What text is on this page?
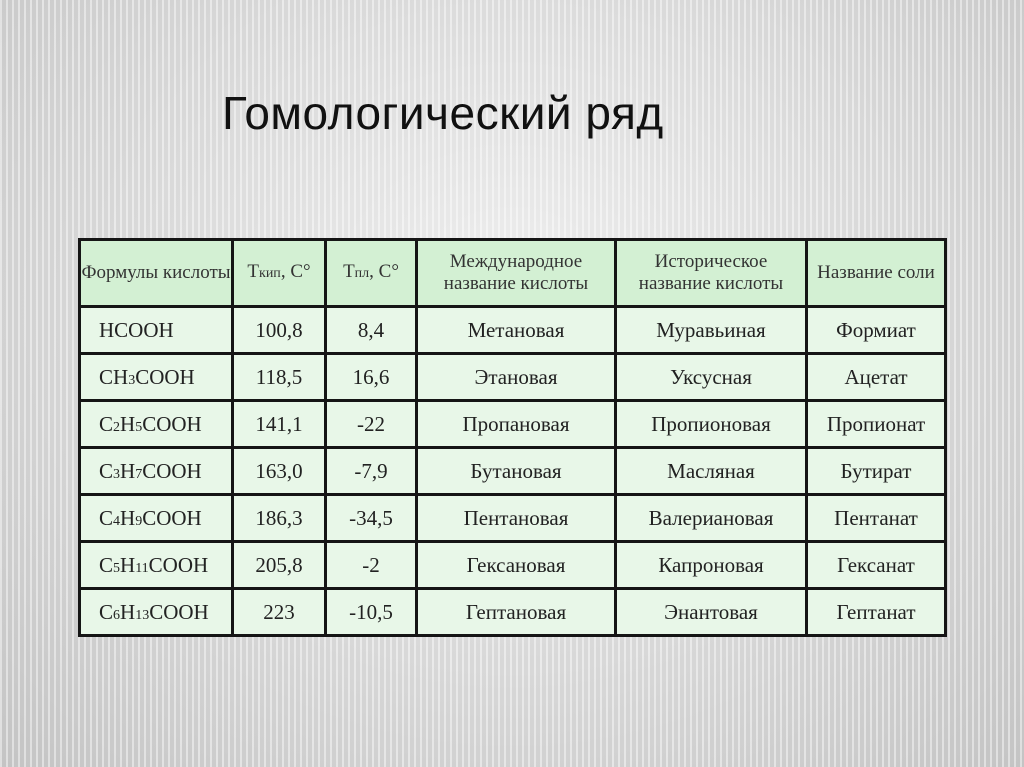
Гомологический ряд
Формулы кислоты	Tкип, C°	Tпл, C°	Международное название кислоты	Историческое название кислоты	Название соли
HCOOH	100,8	8,4	Метановая	Муравьиная	Формиат
CH3COOH	118,5	16,6	Этановая	Уксусная	Ацетат
C2H5COOH	141,1	-22	Пропановая	Пропионовая	Пропионат
C3H7COOH	163,0	-7,9	Бутановая	Масляная	Бутират
C4H9COOH	186,3	-34,5	Пентановая	Валериановая	Пентанат
C5H11COOH	205,8	-2	Гексановая	Капроновая	Гексанат
C6H13COOH	223	-10,5	Гептановая	Энантовая	Гептанат
